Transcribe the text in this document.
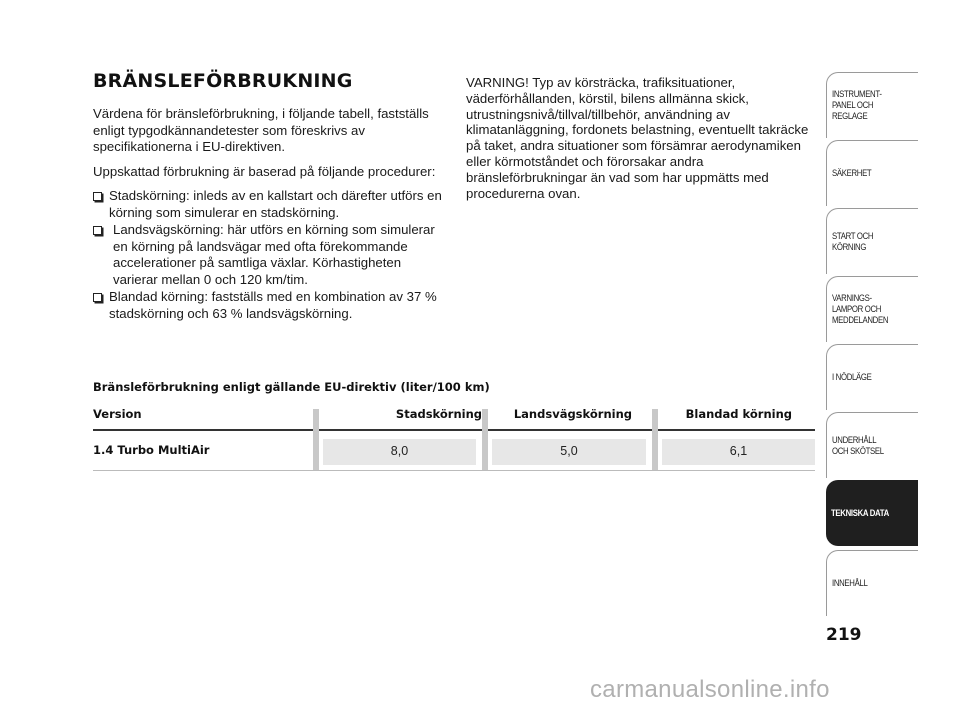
BRÄNSLEFÖRBRUKNING

Värdena för bränsleförbrukning, i följande tabell, fastställs enligt typgodkännandetester som föreskrivs av specifikationerna i EU-direktiven.

Uppskattad förbrukning är baserad på följande procedurer:

Stadskörning: inleds av en kallstart och därefter utförs en körning som simulerar en stadskörning.
Landsvägskörning: här utförs en körning som simulerar en körning på landsvägar med ofta förekommande accelerationer på samtliga växlar. Körhastigheten varierar mellan 0 och 120 km/tim.
Blandad körning: fastställs med en kombination av 37 % stadskörning och 63 % landsvägskörning.

VARNING! Typ av körsträcka, trafiksituationer, väderförhållanden, körstil, bilens allmänna skick, utrustningsnivå/tillval/tillbehör, användning av klimatanläggning, fordonets belastning, eventuellt takräcke på taket, andra situationer som försämrar aerodynamiken eller körmotståndet och förorsakar andra bränsleförbrukningar än vad som har uppmätts med procedurerna ovan.

Bränsleförbrukning enligt gällande EU-direktiv (liter/100 km)
Version	Stadskörning	Landsvägskörning	Blandad körning
1.4 Turbo MultiAir	8,0	5,0	6,1
INSTRUMENT-
PANEL OCH
REGLAGE
SÄKERHET
START OCH
KÖRNING
VARNINGS-
LAMPOR OCH
MEDDELANDEN
I NÖDLÄGE
UNDERHÅLL
OCH SKÖTSEL
TEKNISKA DATA
INNEHÅLL
219
carmanualsonline.info
